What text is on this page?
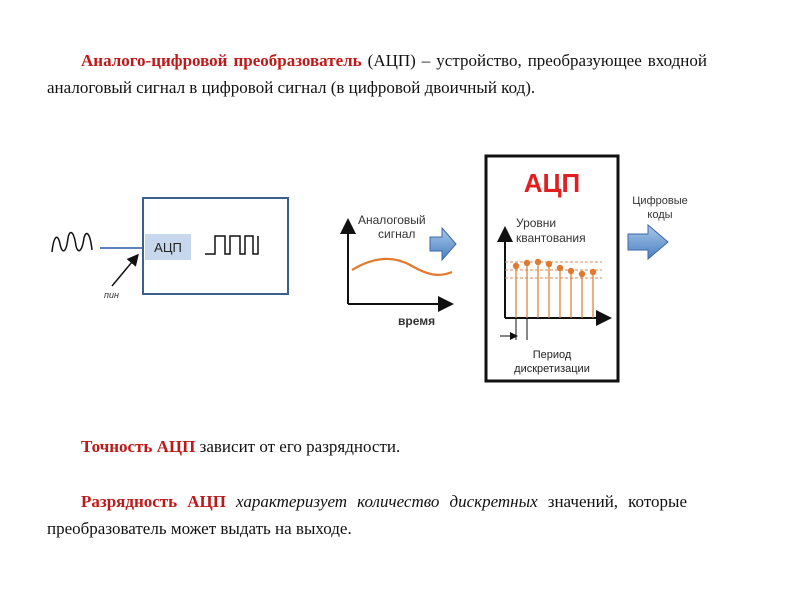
Аналого-цифровой преобразователь (АЦП) – устройство, преобразующее входной аналоговый сигнал в цифровой сигнал (в цифровой двоичный код).
АЦП
пин
Аналоговый
сигнал
время
АЦП
Уровни
квантования
Период
дискретизации
Цифровые
коды
Точность АЦП зависит от его разрядности.
Разрядность АЦП характеризует количество дискретных значений, которые преобразователь может выдать на выходе.
